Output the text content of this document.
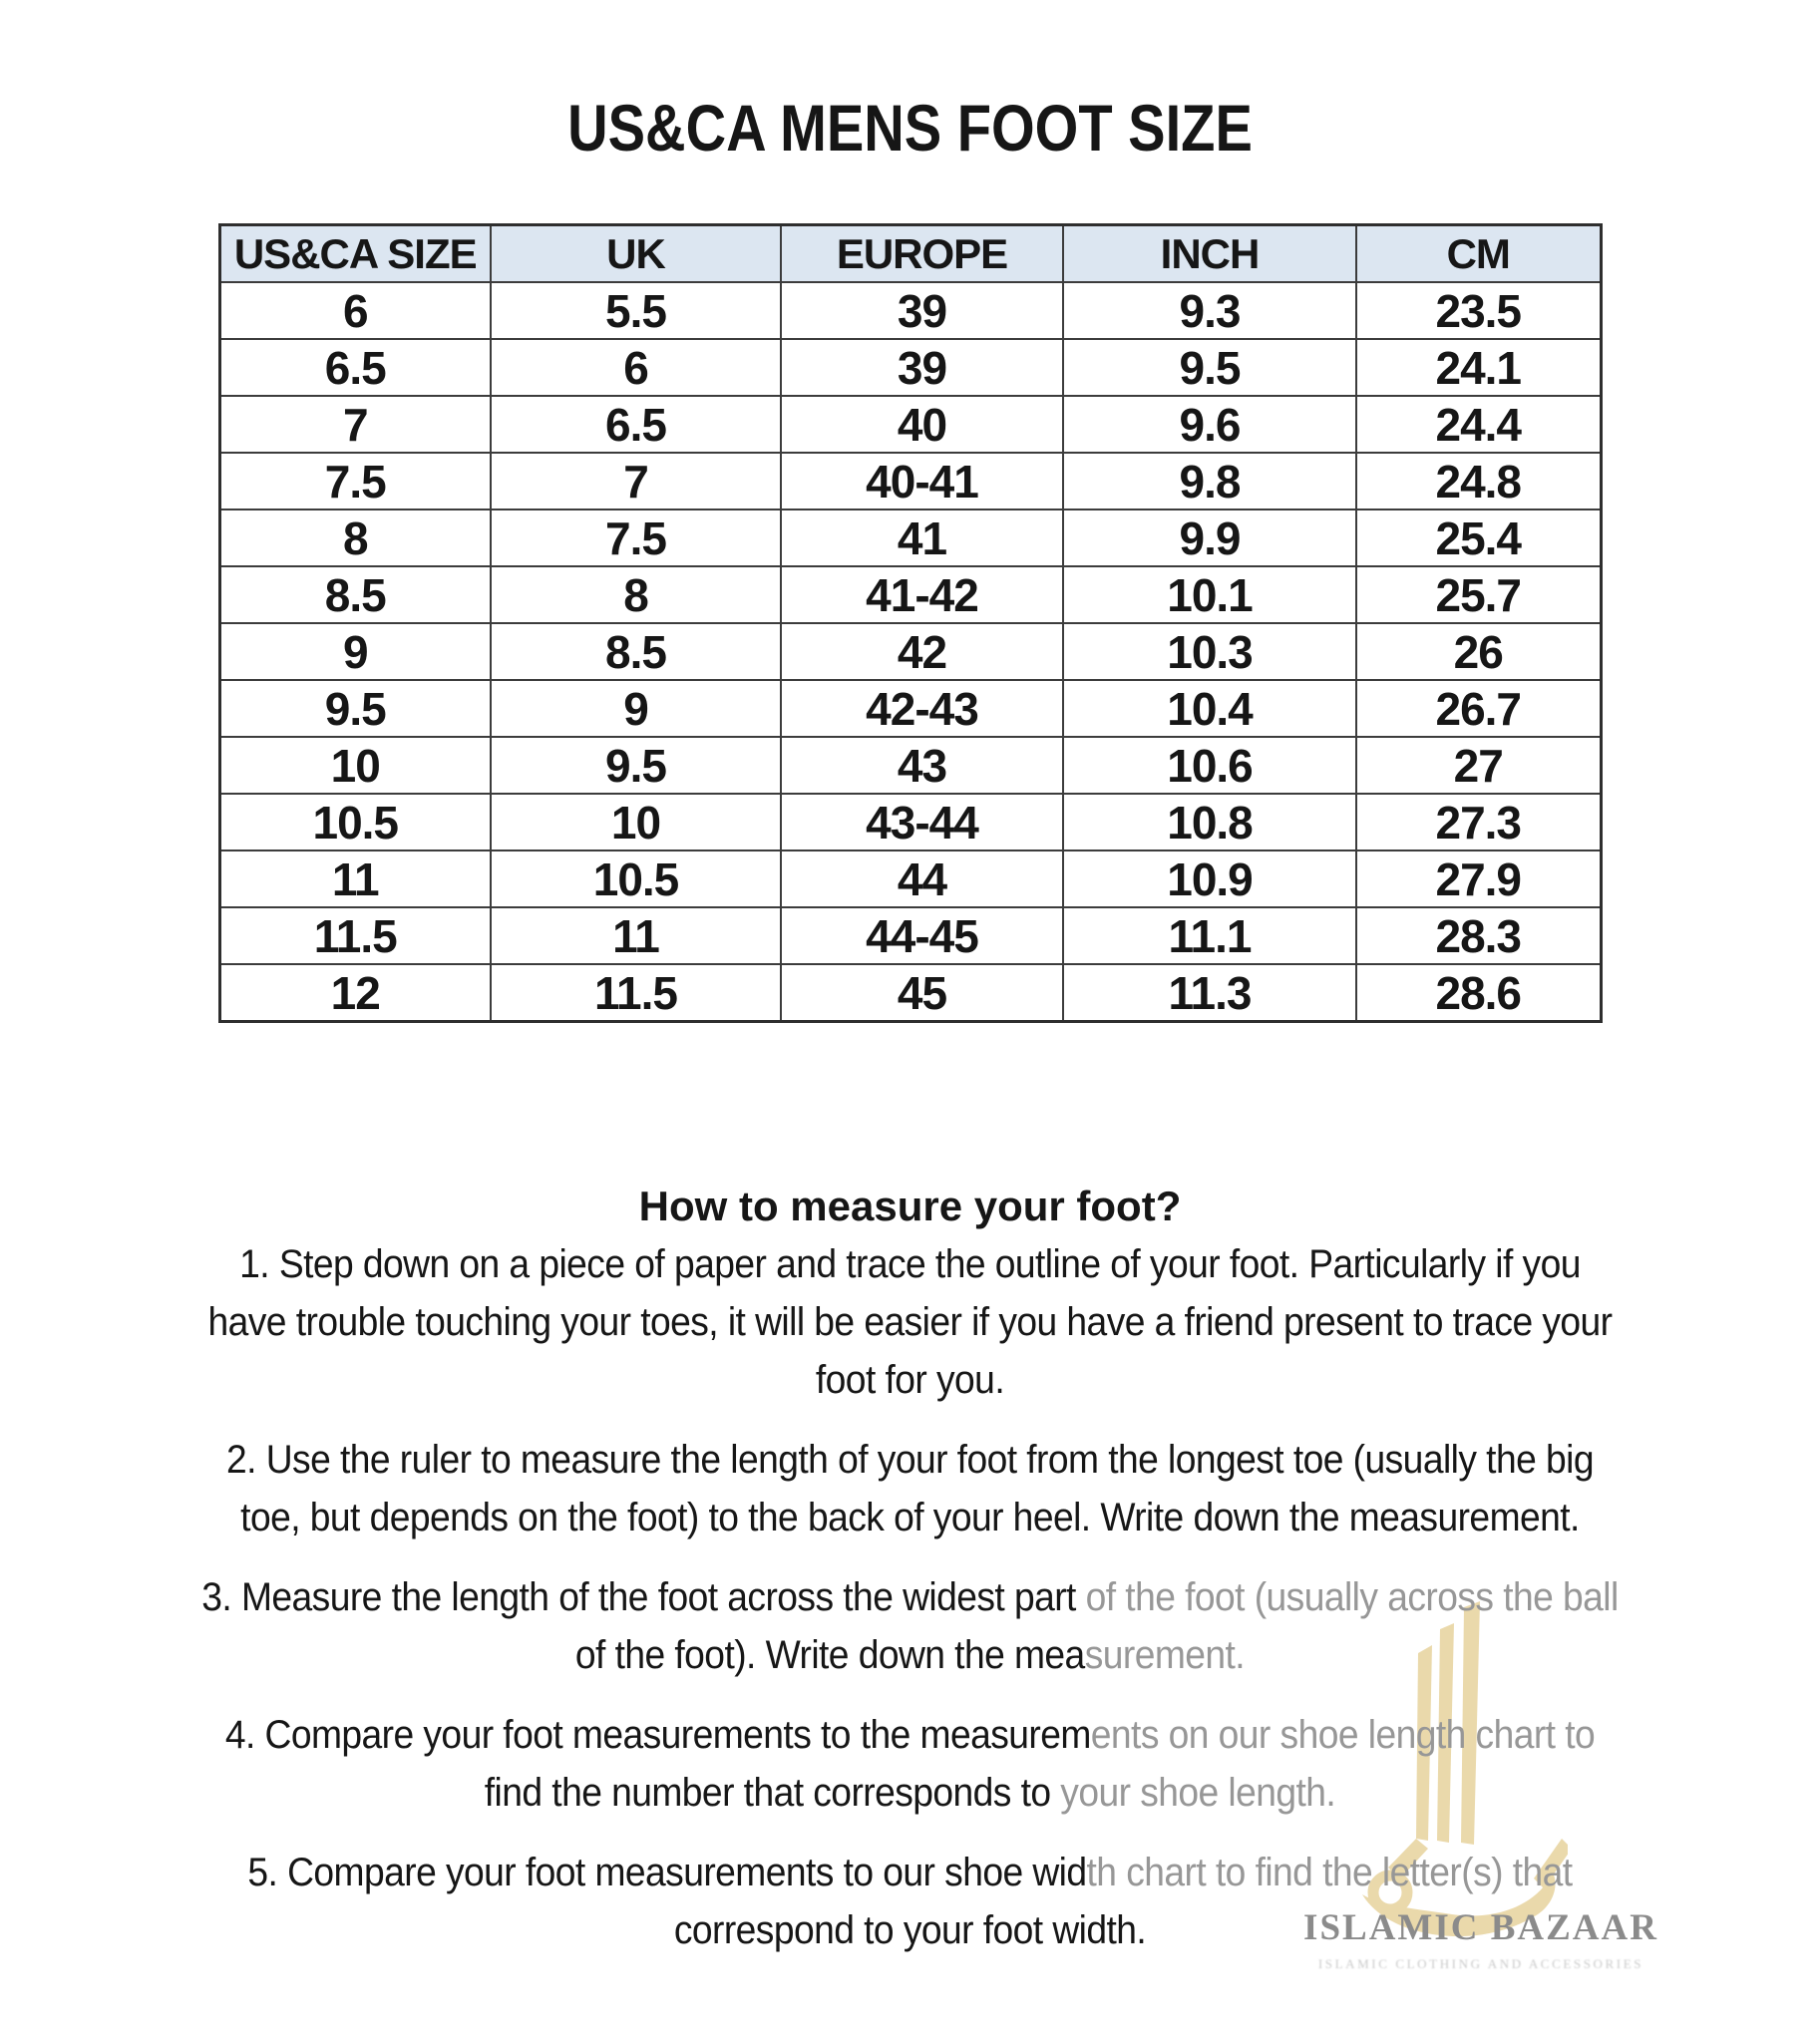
US&CA MENS FOOT SIZE
US&CA SIZE	UK	EUROPE	INCH	CM
6	5.5	39	9.3	23.5
6.5	6	39	9.5	24.1
7	6.5	40	9.6	24.4
7.5	7	40-41	9.8	24.8
8	7.5	41	9.9	25.4
8.5	8	41-42	10.1	25.7
9	8.5	42	10.3	26
9.5	9	42-43	10.4	26.7
10	9.5	43	10.6	27
10.5	10	43-44	10.8	27.3
11	10.5	44	10.9	27.9
11.5	11	44-45	11.1	28.3
12	11.5	45	11.3	28.6
How to measure your foot?
1. Step down on a piece of paper and trace the outline of your foot. Particularly if you
have trouble touching your toes, it will be easier if you have a friend present to trace your
foot for you.
2. Use the ruler to measure the length of your foot from the longest toe (usually the big
toe, but depends on the foot) to the back of your heel. Write down the measurement.
3. Measure the length of the foot across the widest part of the foot (usually across the ball
of the foot). Write down the measurement.
4. Compare your foot measurements to the measurements on our shoe length chart to
find the number that corresponds to your shoe length.
5. Compare your foot measurements to our shoe width chart to find the letter(s) that
correspond to your foot width.	ISLAMIC BAZAAR
ISLAMIC CLOTHING AND ACCESSORIES
